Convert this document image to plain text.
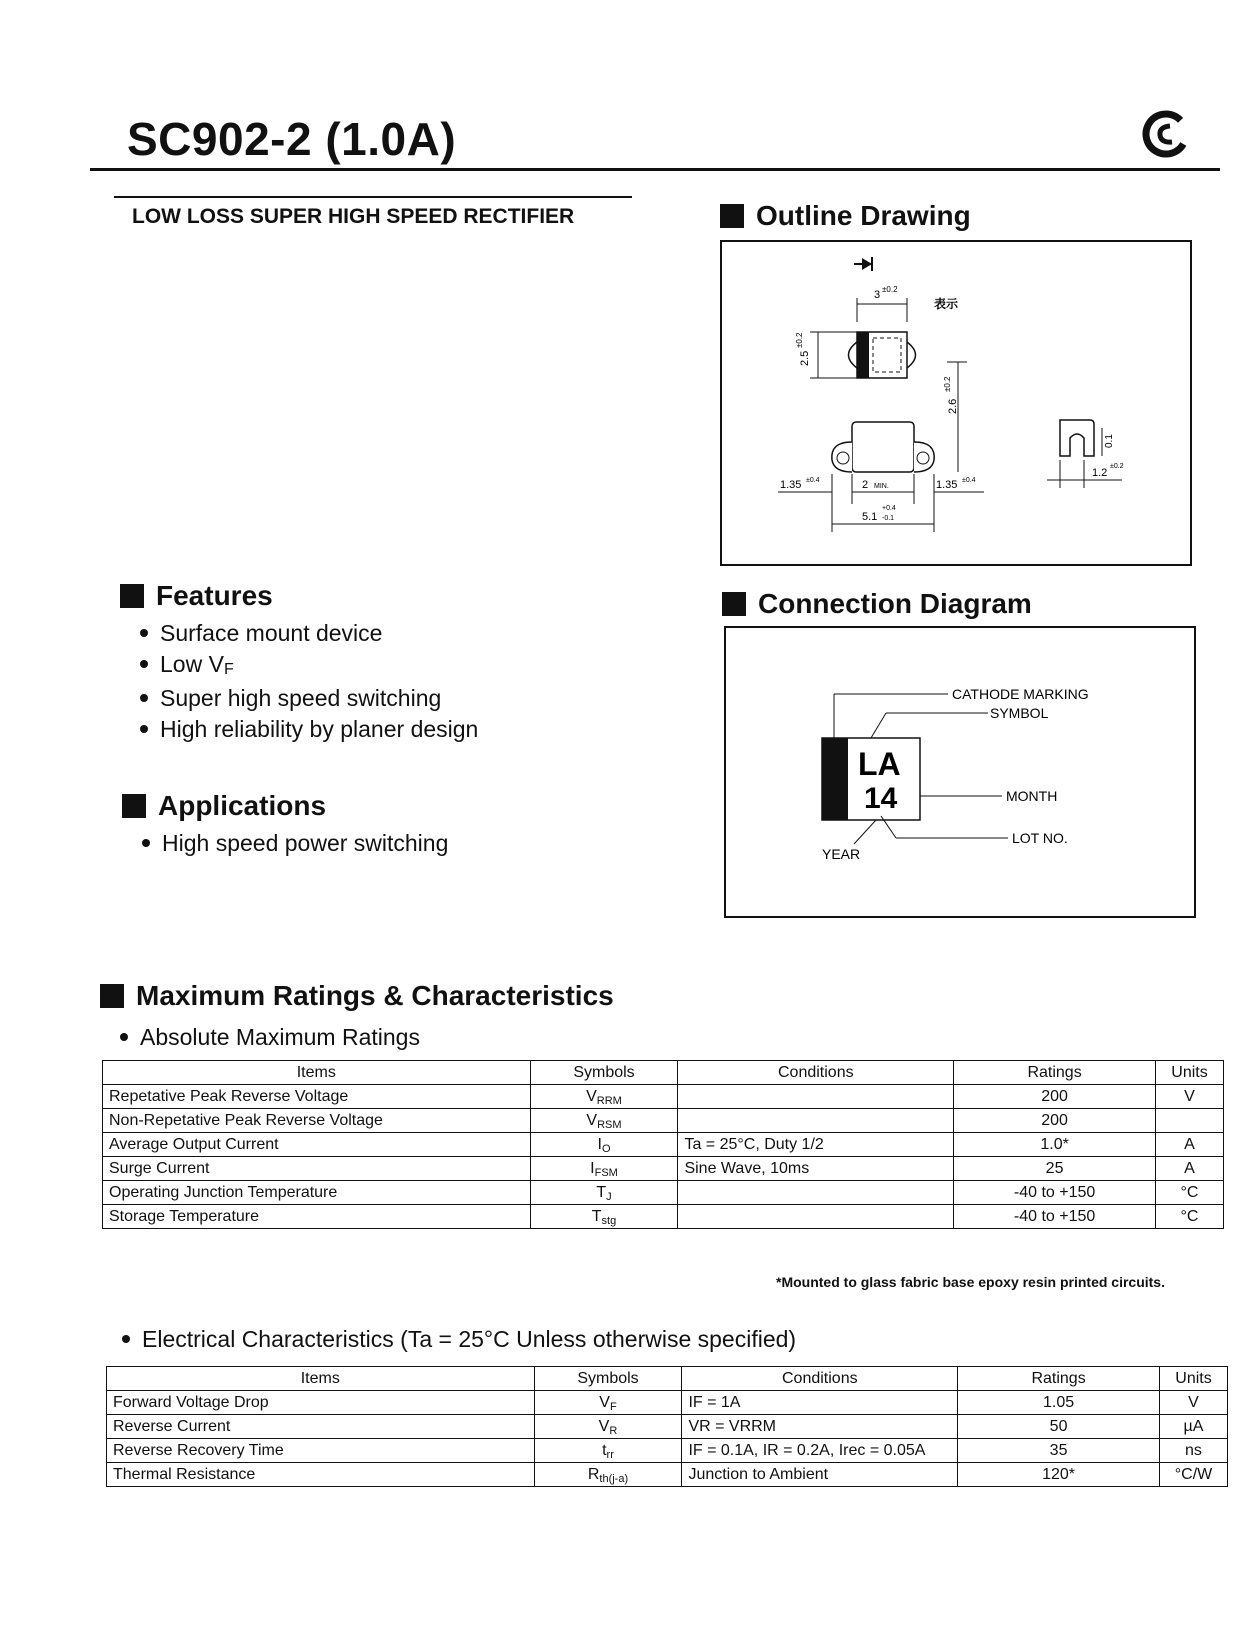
SC902-2 (1.0A)
LOW LOSS SUPER HIGH SPEED RECTIFIER	Outline Drawing
3 ±0.2
表示
2.5
±0.2
2.6
±0.2
1.35 ±0.4	2 MIN.	1.35 ±0.4
5.1
+0.4
-0.1
0.1
1.2
±0.2
Connection Diagram
CATHODE MARKING
SYMBOL
LA
14	MONTH
LOT NO.
YEAR
Features
Surface mount device
Low $V_F$
Super high speed switching
High reliability by planer design
Applications
High speed power switching
Maximum Ratings & Characteristics
Absolute Maximum Ratings
Items	Symbols	Conditions	Ratings	Units
Repetative Peak Reverse Voltage	$V_{RRM}$		200	V
Non-Repetative Peak Reverse Voltage	$V_{RSM}$		200	
Average Output Current	$I_O$	Ta = 25°C, Duty 1/2	1.0*	A
Surge Current	$I_{FSM}$	Sine Wave, 10ms	25	A
Operating Junction Temperature	$T_J$		-40 to +150	°C
Storage Temperature	$T_{stg}$		-40 to +150	°C
*Mounted to glass fabric base epoxy resin printed circuits.
Electrical Characteristics (Ta = 25°C Unless otherwise specified)
Items	Symbols	Conditions	Ratings	Units
Forward Voltage Drop	$V_F$	IF = 1A	1.05	V
Reverse Current	$V_R$	VR = VRRM	50	µA
Reverse Recovery Time	$t_{rr}$	IF = 0.1A, IR = 0.2A, Irec = 0.05A	35	ns
Thermal Resistance	$R_{th(j-a)}$	Junction to Ambient	120*	°C/W
